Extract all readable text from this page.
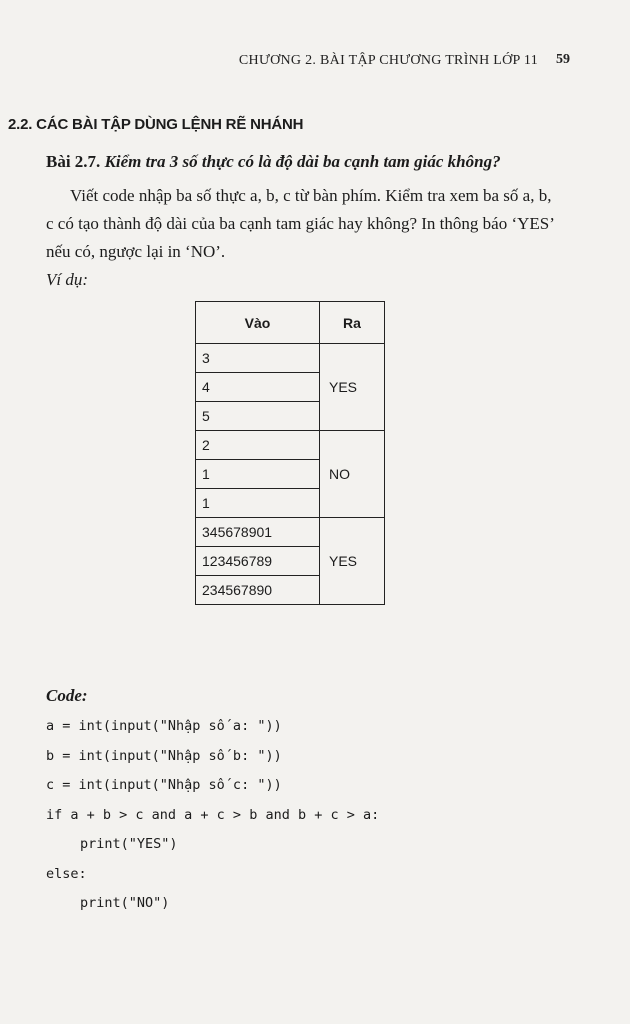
CHƯƠNG 2. BÀI TẬP CHƯƠNG TRÌNH LỚP 11 59
2.2. CÁC BÀI TẬP DÙNG LỆNH RẼ NHÁNH
Bài 2.7. Kiểm tra 3 số thực có là độ dài ba cạnh tam giác không?
Viết code nhập ba số thực a, b, c từ bàn phím. Kiểm tra xem ba số a, b, c có tạo thành độ dài của ba cạnh tam giác hay không? In thông báo ‘YES’ nếu có, ngược lại in ‘NO’.
Ví dụ:
Vào	Ra
3	YES
4	
5	
2	NO
1	
1	
345678901	YES
123456789	
234567890	
Code:
a = int(input("Nhập số a: "))
b = int(input("Nhập số b: "))
c = int(input("Nhập số c: "))
if a + b > c and a + c > b and b + c > a:
print("YES")
else:
print("NO")
